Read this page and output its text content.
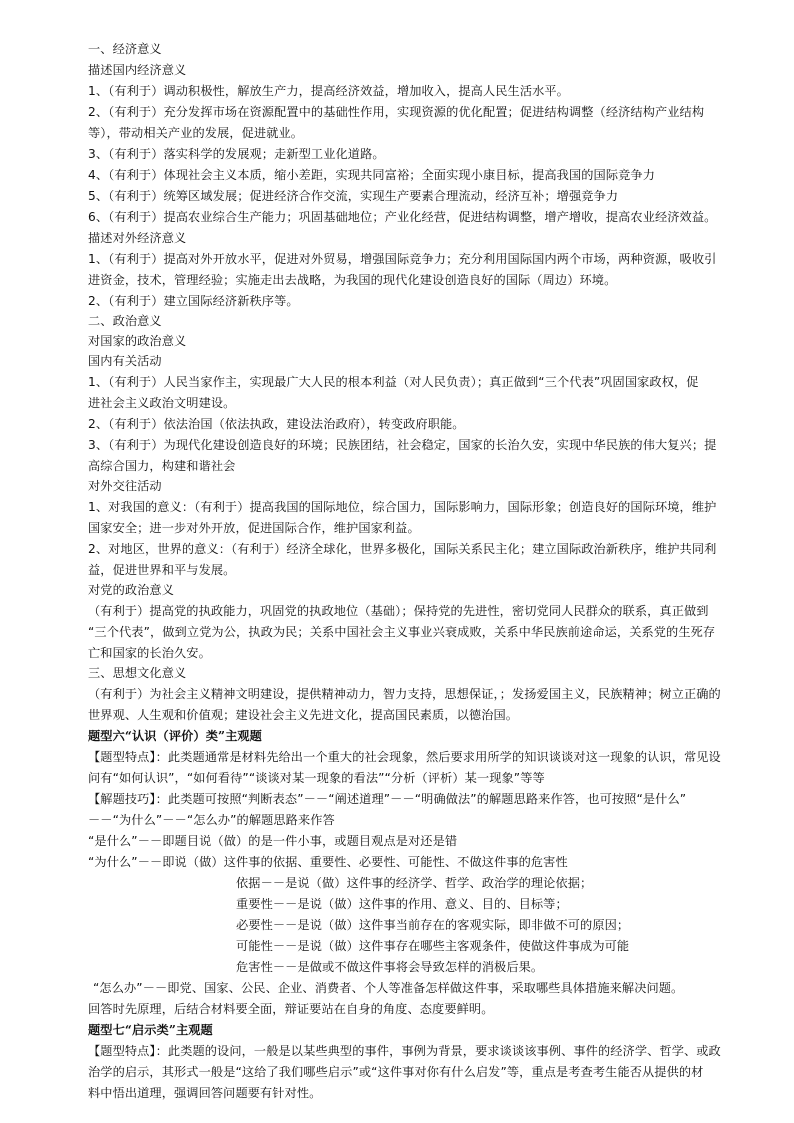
一、经济意义
描述国内经济意义
1、（有利于）调动积极性，解放生产力，提高经济效益，增加收入，提高人民生活水平。
2、（有利于）充分发挥市场在资源配置中的基础性作用，实现资源的优化配置；促进结构调整（经济结构产业结构
等），带动相关产业的发展，促进就业。
3、（有利于）落实科学的发展观；走新型工业化道路。
4、（有利于）体现社会主义本质，缩小差距，实现共同富裕；全面实现小康目标，提高我国的国际竞争力
5、（有利于）统筹区域发展；促进经济合作交流，实现生产要素合理流动，经济互补；增强竞争力
6、（有利于）提高农业综合生产能力；巩固基础地位；产业化经营，促进结构调整，增产增收，提高农业经济效益。
描述对外经济意义
1、（有利于）提高对外开放水平，促进对外贸易，增强国际竞争力；充分利用国际国内两个市场，两种资源，吸收引
进资金，技术，管理经验；实施走出去战略，为我国的现代化建设创造良好的国际（周边）环境。
2、（有利于）建立国际经济新秩序等。
二、政治意义
对国家的政治意义
国内有关活动
1、（有利于）人民当家作主，实现最广大人民的根本利益（对人民负责）；真正做到“三个代表”巩固国家政权，促
进社会主义政治文明建设。
2、（有利于）依法治国（依法执政，建设法治政府），转变政府职能。
3、（有利于）为现代化建设创造良好的环境；民族团结，社会稳定，国家的长治久安，实现中华民族的伟大复兴；提
高综合国力，构建和谐社会
对外交往活动
1、对我国的意义：（有利于）提高我国的国际地位，综合国力，国际影响力，国际形象；创造良好的国际环境，维护
国家安全；进一步对外开放，促进国际合作，维护国家利益。
2、对地区，世界的意义：（有利于）经济全球化，世界多极化，国际关系民主化；建立国际政治新秩序，维护共同利
益，促进世界和平与发展。
对党的政治意义
（有利于）提高党的执政能力，巩固党的执政地位（基础）；保持党的先进性，密切党同人民群众的联系，真正做到
“三个代表”，做到立党为公，执政为民；关系中国社会主义事业兴衰成败，关系中华民族前途命运，关系党的生死存
亡和国家的长治久安。
三、思想文化意义
（有利于）为社会主义精神文明建设，提供精神动力，智力支持，思想保证，；发扬爱国主义，民族精神；树立正确的
世界观、人生观和价值观；建设社会主义先进文化，提高国民素质，以德治国。
题型六“认识（评价）类”主观题
【题型特点】：此类题通常是材料先给出一个重大的社会现象，然后要求用所学的知识谈谈对这一现象的认识，常见设
问有“如何认识”，“如何看待”“谈谈对某一现象的看法”“分析（评析）某一现象”等等
【解题技巧】：此类题可按照“判断表态”－－“阐述道理”－－“明确做法”的解题思路来作答，也可按照“是什么”
－－“为什么”－－“怎么办”的解题思路来作答
“是什么”－－即题目说（做）的是一件小事，或题目观点是对还是错
“为什么”－－即说（做）这件事的依据、重要性、必要性、可能性、不做这件事的危害性
依据－－是说（做）这件事的经济学、哲学、政治学的理论依据；
重要性－－是说（做）这件事的作用、意义、目的、目标等；
必要性－－是说（做）这件事当前存在的客观实际，即非做不可的原因；
可能性－－是说（做）这件事存在哪些主客观条件，使做这件事成为可能
危害性－－是做或不做这件事将会导致怎样的消极后果。
“怎么办”－－即党、国家、公民、企业、消费者、个人等准备怎样做这件事，采取哪些具体措施来解决问题。
回答时先原理，后结合材料要全面，辩证要站在自身的角度、态度要鲜明。
题型七“启示类”主观题
【题型特点】：此类题的设问，一般是以某些典型的事件，事例为背景，要求谈谈该事例、事件的经济学、哲学、或政
治学的启示，其形式一般是“这给了我们哪些启示”或“这件事对你有什么启发”等，重点是考查考生能否从提供的材
料中悟出道理，强调回答问题要有针对性。
